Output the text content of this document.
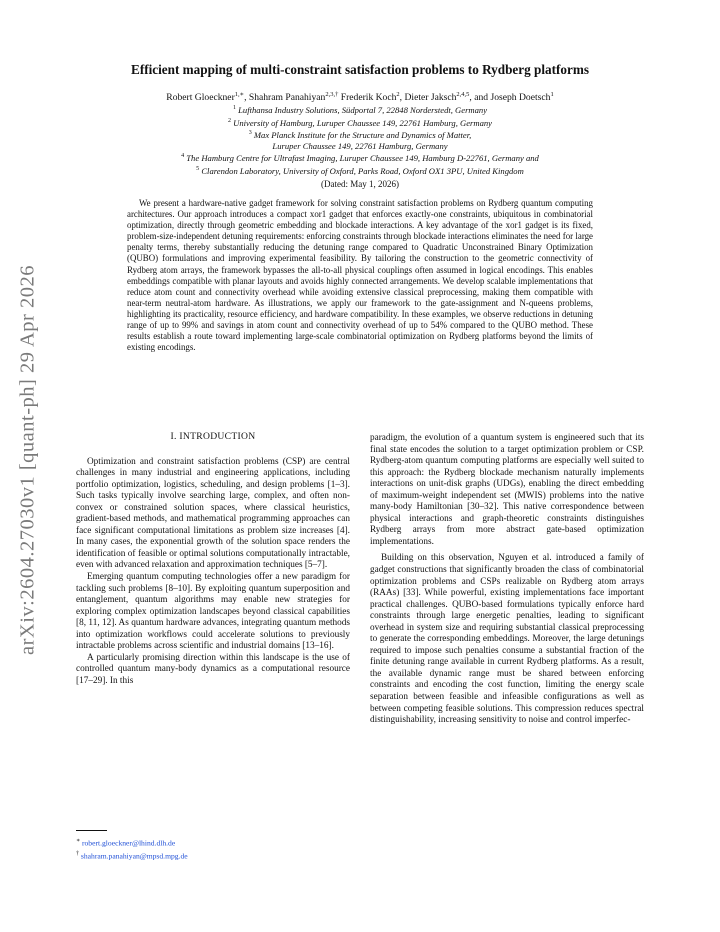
arXiv:2604.27030v1 [quant-ph] 29 Apr 2026
Efficient mapping of multi-constraint satisfaction problems to Rydberg platforms
Robert Gloeckner$^{1,∗}$, Shahram Panahiyan$^{2,3,\dagger}$ Frederik Koch$^2$, Dieter Jaksch$^{2,4,5}$, and Joseph Doetsch$^1$
$^1$ Lufthansa Industry Solutions, Südportal 7, 22848 Norderstedt, Germany
$^2$ University of Hamburg, Luruper Chaussee 149, 22761 Hamburg, Germany
$^3$ Max Planck Institute for the Structure and Dynamics of Matter,
Luruper Chaussee 149, 22761 Hamburg, Germany
$^4$ The Hamburg Centre for Ultrafast Imaging, Luruper Chaussee 149, Hamburg D-22761, Germany and
$^5$ Clarendon Laboratory, University of Oxford, Parks Road, Oxford OX1 3PU, United Kingdom
(Dated: May 1, 2026)
We present a hardware-native gadget framework for solving constraint satisfaction problems on Rydberg quantum computing architectures. Our approach introduces a compact xor1 gadget that enforces exactly-one constraints, ubiquitous in combinatorial optimization, directly through geometric embedding and blockade interactions. A key advantage of the xor1 gadget is its fixed, problem-size-independent detuning requirements: enforcing constraints through blockade interactions eliminates the need for large penalty terms, thereby substantially reducing the detuning range compared to Quadratic Unconstrained Binary Optimization (QUBO) formulations and improving experimental feasibility. By tailoring the construction to the geometric connectivity of Rydberg atom arrays, the framework bypasses the all-to-all physical couplings often assumed in logical encodings. This enables embeddings compatible with planar layouts and avoids highly connected arrangements. We develop scalable implementations that reduce atom count and connectivity overhead while avoiding extensive classical preprocessing, making them compatible with near-term neutral-atom hardware. As illustrations, we apply our framework to the gate-assignment and N-queens problems, highlighting its practicality, resource efficiency, and hardware compatibility. In these examples, we observe reductions in detuning range of up to 99% and savings in atom count and connectivity overhead of up to 54% compared to the QUBO method. These results establish a route toward implementing large-scale combinatorial optimization on Rydberg platforms beyond the limits of existing encodings.
I. INTRODUCTION

Optimization and constraint satisfaction problems (CSP) are central challenges in many industrial and engineering applications, including portfolio optimization, logistics, scheduling, and design problems [1–3]. Such tasks typically involve searching large, complex, and often non-convex or constrained solution spaces, where classical heuristics, gradient-based methods, and mathematical programming approaches can face significant computational limitations as problem size increases [4]. In many cases, the exponential growth of the solution space renders the identification of feasible or optimal solutions computationally intractable, even with advanced relaxation and approximation techniques [5–7].

Emerging quantum computing technologies offer a new paradigm for tackling such problems [8–10]. By exploiting quantum superposition and entanglement, quantum algorithms may enable new strategies for exploring complex optimization landscapes beyond classical capabilities [8, 11, 12]. As quantum hardware advances, integrating quantum methods into optimization workflows could accelerate solutions to previously intractable problems across scientific and industrial domains [13–16].

A particularly promising direction within this landscape is the use of controlled quantum many-body dynamics as a computational resource [17–29]. In this

paradigm, the evolution of a quantum system is engineered such that its final state encodes the solution to a target optimization problem or CSP. Rydberg-atom quantum computing platforms are especially well suited to this approach: the Rydberg blockade mechanism naturally implements interactions on unit-disk graphs (UDGs), enabling the direct embedding of maximum-weight independent set (MWIS) problems into the native many-body Hamiltonian [30–32]. This native correspondence between physical interactions and graph-theoretic constraints distinguishes Rydberg arrays from more abstract gate-based optimization implementations.

Building on this observation, Nguyen et al. introduced a family of gadget constructions that significantly broaden the class of combinatorial optimization problems and CSPs realizable on Rydberg atom arrays (RAAs) [33]. While powerful, existing implementations face important practical challenges. QUBO-based formulations typically enforce hard constraints through large energetic penalties, leading to significant overhead in system size and requiring substantial classical preprocessing to generate the corresponding embeddings. Moreover, the large detunings required to impose such penalties consume a substantial fraction of the finite detuning range available in current Rydberg platforms. As a result, the available dynamic range must be shared between enforcing constraints and encoding the cost function, limiting the energy scale separation between feasible and infeasible configurations as well as between competing feasible solutions. This compression reduces spectral distinguishability, increasing sensitivity to noise and control imperfec-

∗ robert.gloeckner@lhind.dlh.de
† shahram.panahiyan@mpsd.mpg.de
